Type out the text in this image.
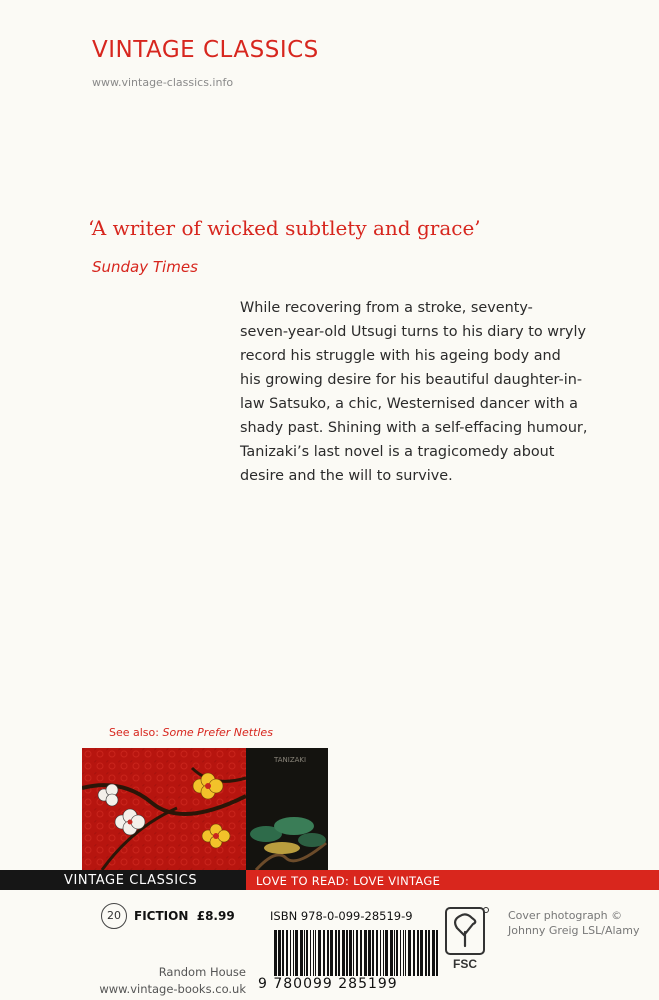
VINTAGE CLASSICS
www.vintage-classics.info
‘A writer of wicked subtlety and grace’
Sunday Times
While recovering from a stroke, seventy-
seven-year-old Utsugi turns to his diary to wryly
record his struggle with his ageing body and
his growing desire for his beautiful daughter-in-
law Satsuko, a chic, Westernised dancer with a
shady past. Shining with a self-effacing humour,
Tanizaki’s last novel is a tragicomedy about
desire and the will to survive.
See also: Some Prefer Nettles
TANIZAKI
VINTAGE CLASSICS	LOVE TO READ: LOVE VINTAGE
20	FICTION £8.99	ISBN 978-0-099-28519-9
9 780099 285199
FSC
Cover photograph ©
Johnny Greig LSL/Alamy
Random House
www.vintage-books.co.uk
